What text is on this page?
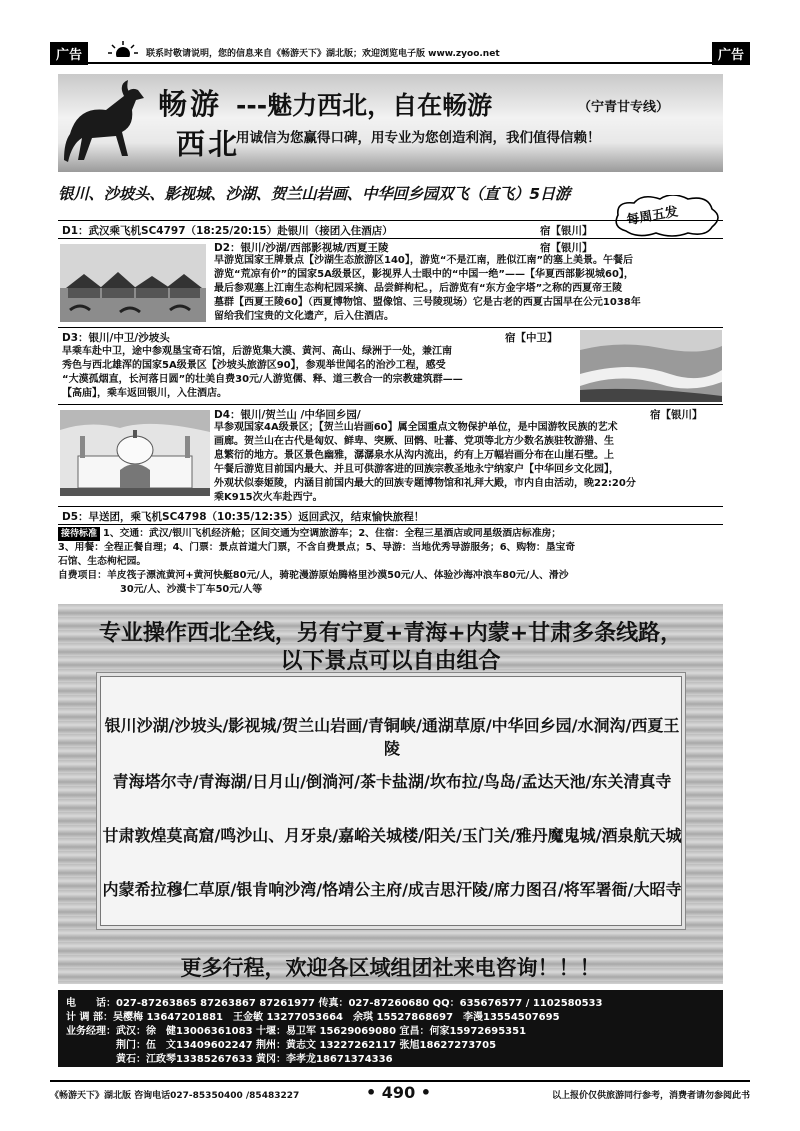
广告	联系时敬请说明，您的信息来自《畅游天下》湖北版；欢迎浏览电子版 www.zyoo.net	广告
畅游
西北
---魅力西北，自在畅游	（宁青甘专线）
用诚信为您赢得口碑，用专业为您创造利润，我们值得信赖！
银川、沙坡头、影视城、沙湖、贺兰山岩画、中华回乡园双飞（直飞）5日游
每周五发
D1：武汉乘飞机SC4797（18:25/20:15）赴银川（接团入住酒店）	宿【银川】
D2：银川/沙湖/西部影视城/西夏王陵	宿【银川】
早游览国家王牌景点【沙湖生态旅游区140】，游览“不是江南，胜似江南”的塞上美景。午餐后
游览“荒凉有价”的国家5A级景区，影视界人士眼中的“中国一绝”——【华夏西部影视城60】，
最后参观塞上江南生态枸杞园采摘、品尝鲜枸杞。，后游览有“东方金字塔”之称的西夏帝王陵
墓群【西夏王陵60】（西夏博物馆、盟像馆、三号陵现场）它是古老的西夏古国早在公元1038年
留给我们宝贵的文化遗产，后入住酒店。
D3：银川/中卫/沙坡头	宿【中卫】
早乘车赴中卫，途中参观垦宝奇石馆，后游览集大漠、黄河、高山、绿洲于一处，兼江南
秀色与西北雄浑的国家5A级景区【沙坡头旅游区90】，参观举世闻名的治沙工程，感受
“大漠孤烟直，长河落日圆”的壮美自费30元/人游览儒、释、道三教合一的宗教建筑群——
【高庙】，乘车返回银川，入住酒店。
D4：银川/贺兰山 /中华回乡园/	宿【银川】
早参观国家4A级景区；【贺兰山岩画60】属全国重点文物保护单位，是中国游牧民族的艺术
画廊。贺兰山在古代是匈奴、鲜卑、突厥、回鹘、吐蕃、党项等北方少数名族驻牧游猎、生
息繁衍的地方。景区景色幽雅，潺潺泉水从沟内流出，约有上万幅岩画分布在山崖石壁。上
午餐后游览目前国内最大、并且可供游客进的回族宗教圣地永宁纳家户【中华回乡文化园】，
外观状似泰姬陵，内涵目前国内最大的回族专题博物馆和礼拜大殿，市内自由活动，晚22:20分
乘K915次火车赴西宁。
D5：早送团，乘飞机SC4798（10:35/12:35）返回武汉，结束愉快旅程！
接待标准 1、交通：武汉/银川飞机经济舱；区间交通为空调旅游车；2、住宿：全程三星酒店或同星级酒店标准房；
3、用餐：全程正餐自理；4、门票：景点首道大门票，不含自费景点；5、导游：当地优秀导游服务；6、购物：垦宝奇
石馆、生态枸杞园。
自费项目：羊皮筏子漂流黄河+黄河快艇80元/人，骑驼漫游原始腾格里沙漠50元/人、体验沙海冲浪车80元/人、滑沙
30元/人、沙漠卡丁车50元/人等
专业操作西北全线，另有宁夏+青海+内蒙+甘肃多条线路，
以下景点可以自由组合
银川沙湖/沙坡头/影视城/贺兰山岩画/青铜峡/通湖草原/中华回乡园/水洞沟/西夏王陵
青海塔尔寺/青海湖/日月山/倒淌河/茶卡盐湖/坎布拉/鸟岛/孟达天池/东关清真寺
甘肃敦煌莫高窟/鸣沙山、月牙泉/嘉峪关城楼/阳关/玉门关/雅丹魔鬼城/酒泉航天城
内蒙希拉穆仁草原/银肯响沙湾/恪靖公主府/成吉思汗陵/席力图召/将军署衙/大昭寺
更多行程，欢迎各区域组团社来电咨询！！！
电　　话：027-87263865 87263867 87261977 传真：027-87260680 QQ：635676577 / 1102580533
计 调 部：吴樱梅 13647201881　王金敏 13277053664　余琪 15527868697　李漫13554507695
业务经理：武汉：徐　健13006361083 十堰：易卫军 15629069080 宜昌：何家15972695351
　　　　　荆门：伍　文13409602247 荆州：黄志文 13227262117 张旭18627273705
　　　　　黄石：江政琴13385267633 黄冈：李孝龙18671374336
《畅游天下》湖北版 咨询电话027-85350400 /85483227	• 490 •	以上报价仅供旅游同行参考，消费者请勿参阅此书
